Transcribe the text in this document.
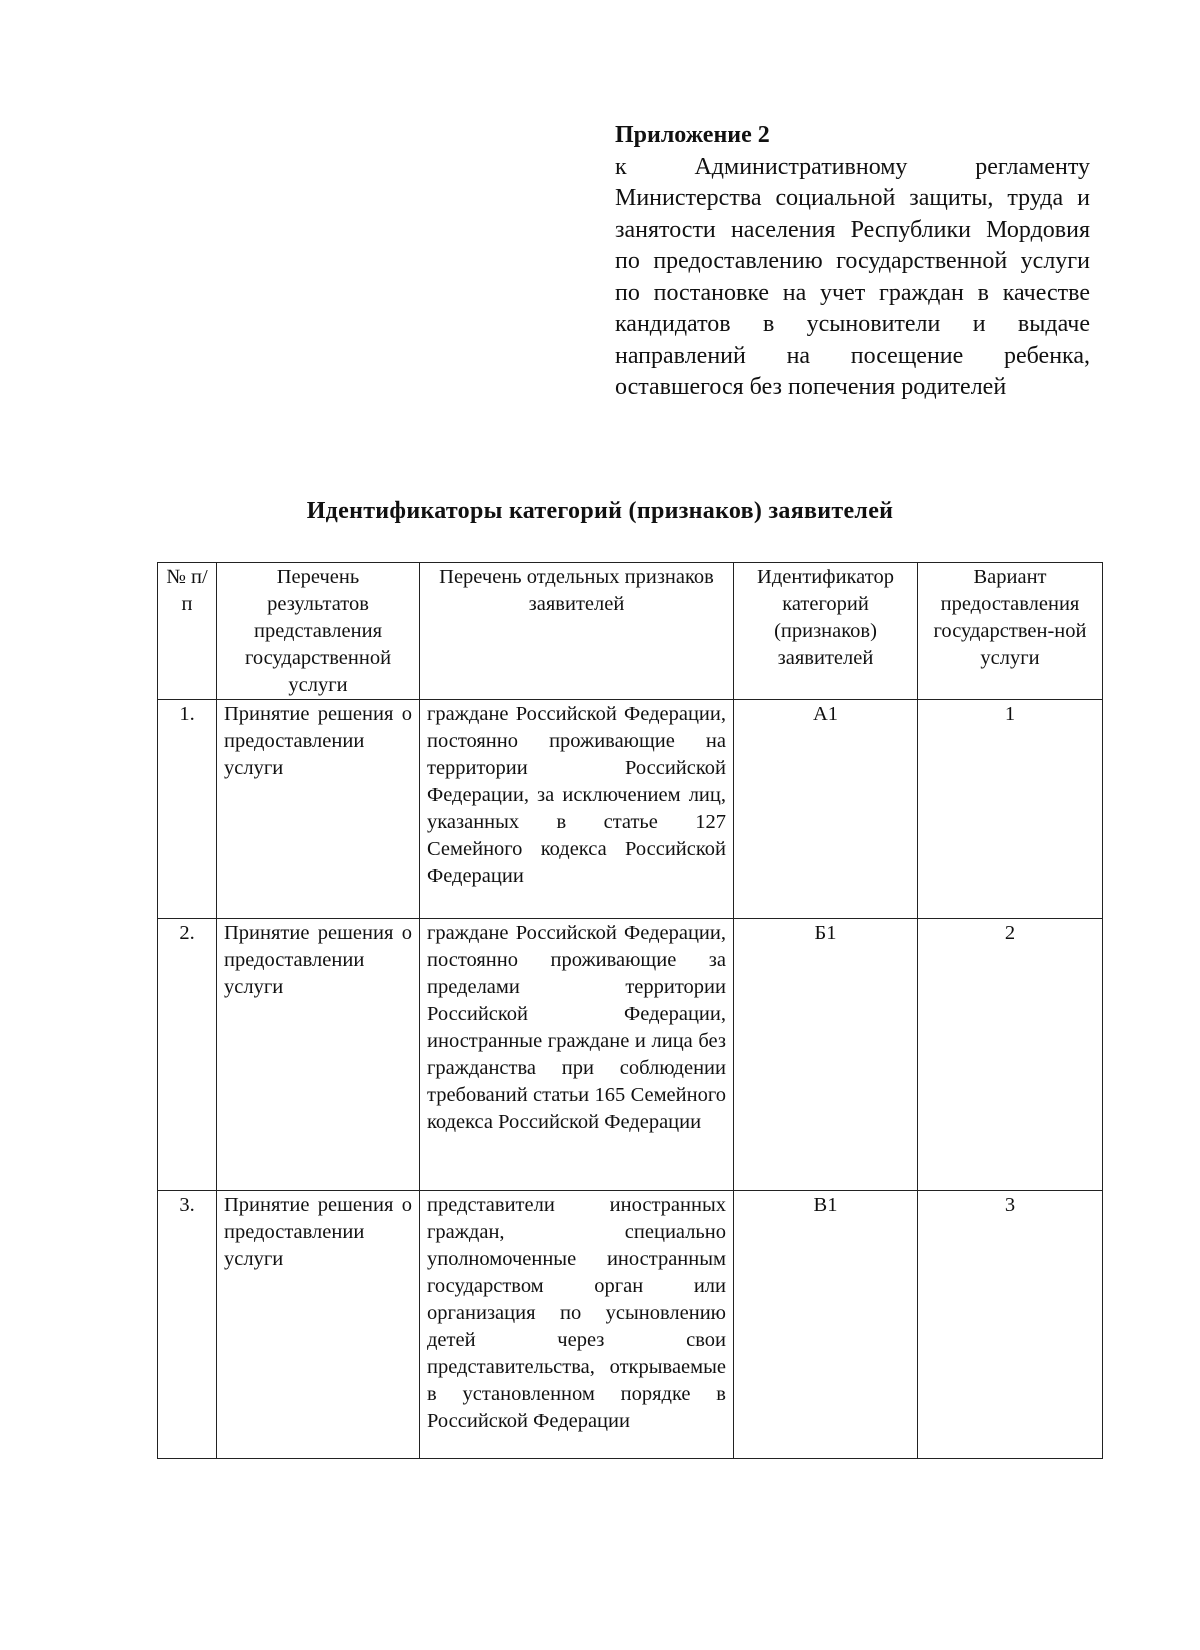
Приложение 2
к Административному регламенту Министерства социальной защиты, труда и занятости населения Республики Мордовия по предоставлению государственной услуги по постановке на учет граждан в качестве кандидатов в усыновители и выдаче направлений на посещение ребенка, оставшегося без попечения родителей
Идентификаторы категорий (признаков) заявителей
№ п/п	Перечень результатов представления государственной услуги	Перечень отдельных признаков заявителей	Идентификатор категорий (признаков) заявителей	Вариант предоставления государствен-ной услуги
1.	Принятие решения о предоставлении услуги	граждане Российской Федерации, постоянно проживающие на территории Российской Федерации, за исключением лиц, указанных в статье 127 Семейного кодекса Российской Федерации	А1	1
2.	Принятие решения о предоставлении услуги	граждане Российской Федерации, постоянно проживающие за пределами территории Российской Федерации, иностранные граждане и лица без гражданства при соблюдении требований статьи 165 Семейного кодекса Российской Федерации	Б1	2
3.	Принятие решения о предоставлении услуги	представители иностранных граждан, специально уполномоченные иностранным государством орган или организация по усыновлению детей через свои представительства, открываемые в установленном порядке в Российской Федерации	В1	3
